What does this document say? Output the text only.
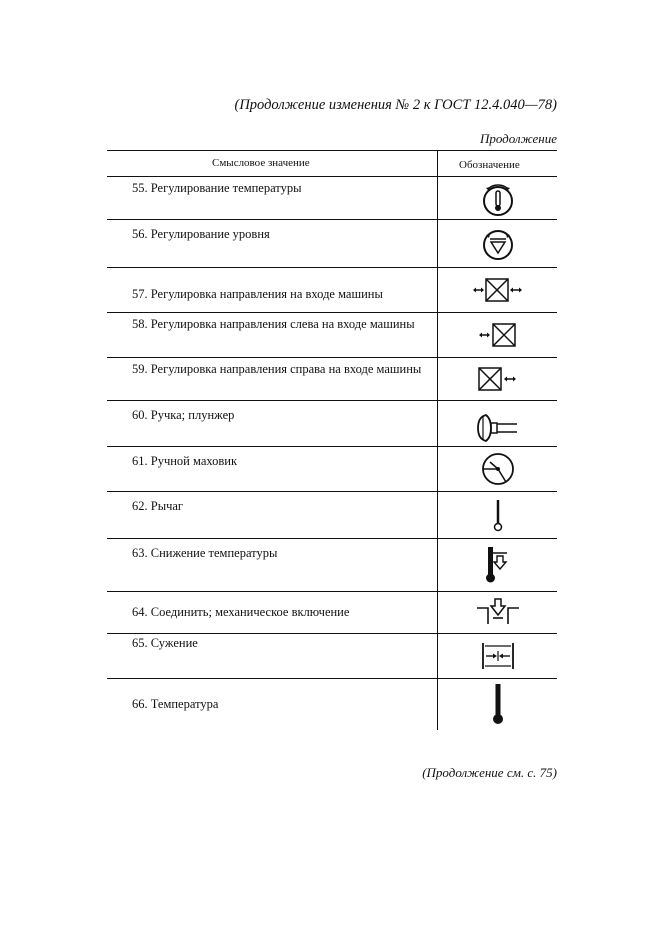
(Продолжение изменения № 2 к ГОСТ 12.4.040—78)
Продолжение
Смысловое значение	Обозначение
55. Регулирование температуры
56. Регулирование уровня
57. Регулировка направления на входе машины
58. Регулировка направления слева на входе машины
59. Регулировка направления справа на входе машины
60. Ручка; плунжер
61. Ручной маховик
62. Рычаг
63. Снижение температуры
64. Соединить; механическое включение
65. Сужение
66. Температура
(Продолжение см. с. 75)
